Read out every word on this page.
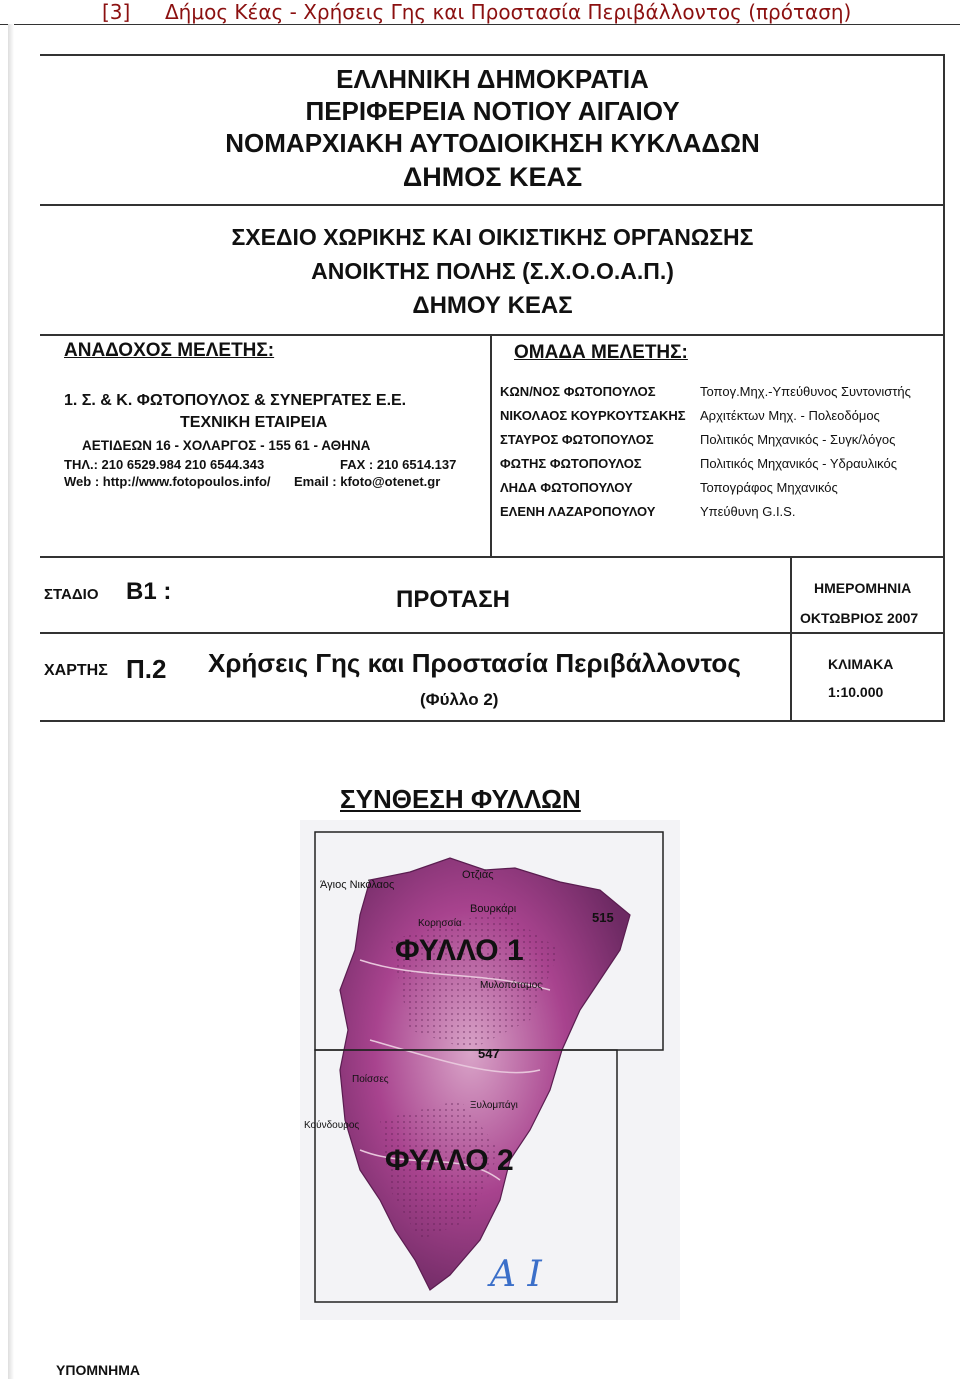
[3] Δήμος Κέας - Χρήσεις Γης και Προστασία Περιβάλλοντος (πρόταση)
ΕΛΛΗΝΙΚΗ ΔΗΜΟΚΡΑΤΙΑ
ΠΕΡΙΦΕΡΕΙΑ ΝΟΤΙΟΥ ΑΙΓΑΙΟΥ
ΝΟΜΑΡΧΙΑΚΗ ΑΥΤΟΔΙΟΙΚΗΣΗ ΚΥΚΛΑΔΩΝ
ΔΗΜΟΣ ΚΕΑΣ
ΣΧΕΔΙΟ ΧΩΡΙΚΗΣ ΚΑΙ ΟΙΚΙΣΤΙΚΗΣ ΟΡΓΑΝΩΣΗΣ
ΑΝΟΙΚΤΗΣ ΠΟΛΗΣ (Σ.Χ.Ο.Ο.Α.Π.)
ΔΗΜΟΥ ΚΕΑΣ
ΑΝΑΔΟΧΟΣ ΜΕΛΕΤΗΣ:
1. Σ. & Κ. ΦΩΤΟΠΟΥΛΟΣ & ΣΥΝΕΡΓΑΤΕΣ Ε.Ε.
ΤΕΧΝΙΚΗ ΕΤΑΙΡΕΙΑ
ΑΕΤΙΔΕΩΝ 16 - ΧΟΛΑΡΓΟΣ - 155 61 - ΑΘΗΝΑ
ΤΗΛ.: 210 6529.984 210 6544.343	FAX : 210 6514.137
Web : http://www.fotopoulos.info/ Email : kfoto@otenet.gr
ΟΜΑΔΑ ΜΕΛΕΤΗΣ:
ΚΩΝ/ΝΟΣ ΦΩΤΟΠΟΥΛΟΣ	Τοπογ.Μηχ.-Υπεύθυνος Συντονιστής
ΝΙΚΟΛΑΟΣ ΚΟΥΡΚΟΥΤΣΑΚΗΣ Αρχιτέκτων Μηχ. - Πολεοδόμος
ΣΤΑΥΡΟΣ ΦΩΤΟΠΟΥΛΟΣ	Πολιτικός Μηχανικός - Συγκ/λόγος
ΦΩΤΗΣ ΦΩΤΟΠΟΥΛΟΣ	Πολιτικός Μηχανικός - Υδραυλικός
ΛΗΔΑ ΦΩΤΟΠΟΥΛΟΥ	Τοπογράφος Μηχανικός
ΕΛΕΝΗ ΛΑΖΑΡΟΠΟΥΛΟΥ	Υπεύθυνη G.I.S.
ΣΤΑΔΙΟ Β1 :	ΠΡΟΤΑΣΗ	ΗΜΕΡΟΜΗΝΙΑ
ΟΚΤΩΒΡΙΟΣ 2007
ΧΑΡΤΗΣ Π.2 Χρήσεις Γης και Προστασία Περιβάλλοντος
(Φύλλο 2)
ΚΛΙΜΑΚΑ
1:10.000
ΣΥΝΘΕΣΗ ΦΥΛΛΩΝ
ΦΥΛΛΟ 1
ΦΥΛΛΟ 2
Άγιος Νικόλαος
Οτζιάς
Βουρκάρι
Κορησσία
Μυλοπόταμος
Ποίσσες
Κούνδουρος
Ξυλομπάγι
515
547
Α Ι
ΥΠΟΜΝΗΜΑ
